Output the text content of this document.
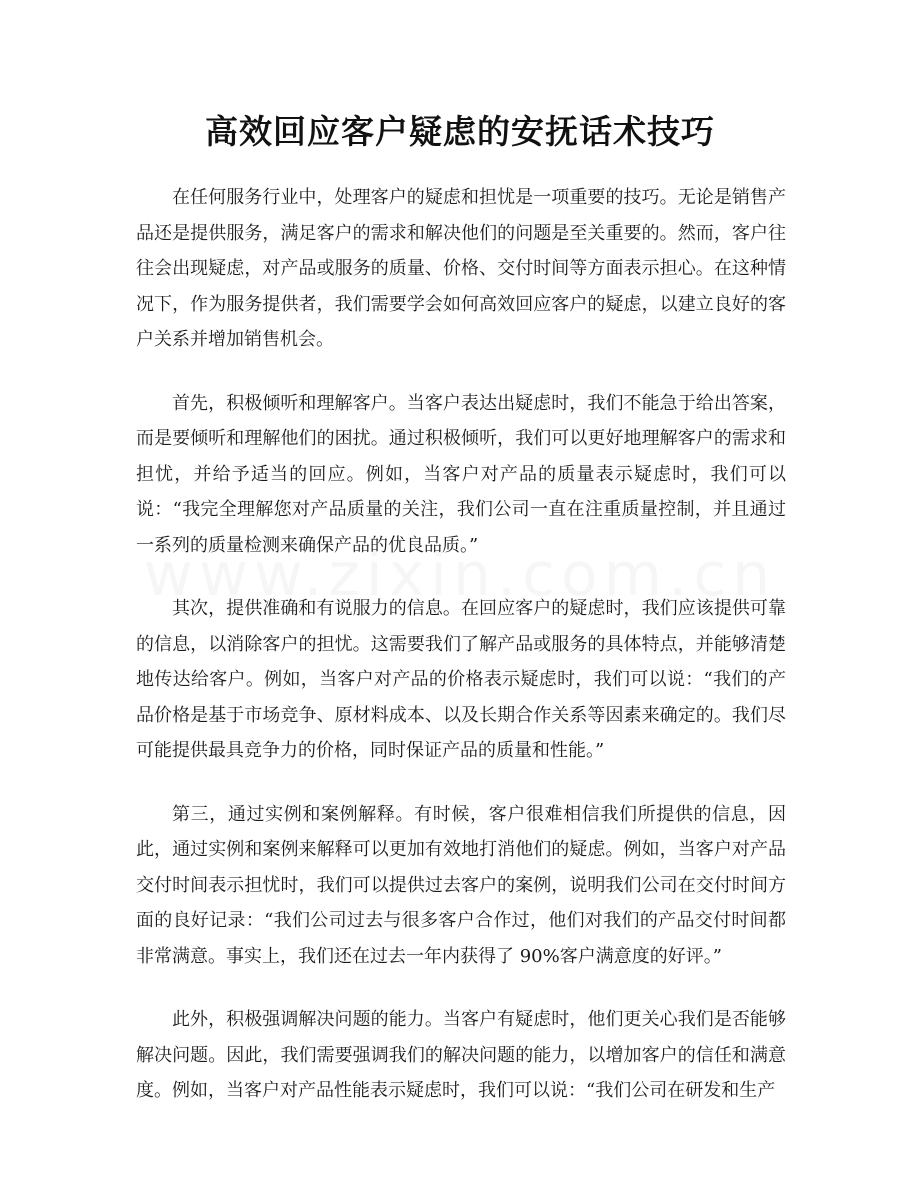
高效回应客户疑虑的安抚话术技巧

在任何服务行业中，处理客户的疑虑和担忧是一项重要的技巧。无论是销售产品还是提供服务，满足客户的需求和解决他们的问题是至关重要的。然而，客户往往会出现疑虑，对产品或服务的质量、价格、交付时间等方面表示担心。在这种情况下，作为服务提供者，我们需要学会如何高效回应客户的疑虑，以建立良好的客户关系并增加销售机会。

首先，积极倾听和理解客户。当客户表达出疑虑时，我们不能急于给出答案，而是要倾听和理解他们的困扰。通过积极倾听，我们可以更好地理解客户的需求和担忧，并给予适当的回应。例如，当客户对产品的质量表示疑虑时，我们可以说：“我完全理解您对产品质量的关注，我们公司一直在注重质量控制，并且通过一系列的质量检测来确保产品的优良品质。”

其次，提供准确和有说服力的信息。在回应客户的疑虑时，我们应该提供可靠的信息，以消除客户的担忧。这需要我们了解产品或服务的具体特点，并能够清楚地传达给客户。例如，当客户对产品的价格表示疑虑时，我们可以说：“我们的产品价格是基于市场竞争、原材料成本、以及长期合作关系等因素来确定的。我们尽可能提供最具竞争力的价格，同时保证产品的质量和性能。”

第三，通过实例和案例解释。有时候，客户很难相信我们所提供的信息，因此，通过实例和案例来解释可以更加有效地打消他们的疑虑。例如，当客户对产品交付时间表示担忧时，我们可以提供过去客户的案例，说明我们公司在交付时间方面的良好记录：“我们公司过去与很多客户合作过，他们对我们的产品交付时间都非常满意。事实上，我们还在过去一年内获得了 90%客户满意度的好评。”

此外，积极强调解决问题的能力。当客户有疑虑时，他们更关心我们是否能够解决问题。因此，我们需要强调我们的解决问题的能力，以增加客户的信任和满意度。例如，当客户对产品性能表示疑虑时，我们可以说：“我们公司在研发和生产
